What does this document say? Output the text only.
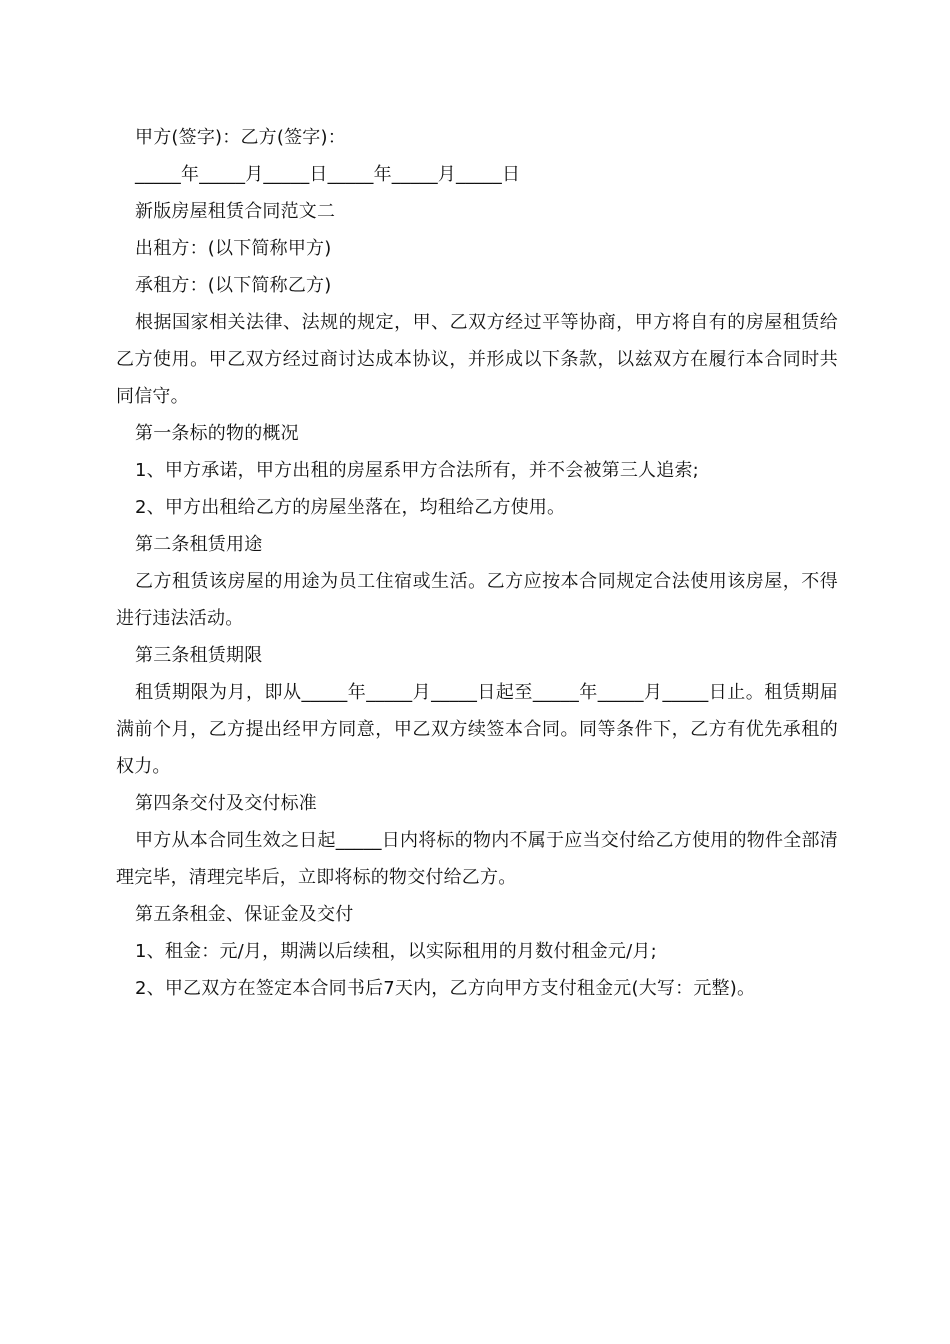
甲方(签字)：乙方(签字)：
_____年_____月_____日_____年_____月_____日
新版房屋租赁合同范文二
出租方：(以下简称甲方)
承租方：(以下简称乙方)
根据国家相关法律、法规的规定，甲、乙双方经过平等协商，甲方将自有的房屋租赁给乙方使用。甲乙双方经过商讨达成本协议，并形成以下条款，以兹双方在履行本合同时共同信守。
第一条标的物的概况
1、甲方承诺，甲方出租的房屋系甲方合法所有，并不会被第三人追索;
2、甲方出租给乙方的房屋坐落在，均租给乙方使用。
第二条租赁用途
乙方租赁该房屋的用途为员工住宿或生活。乙方应按本合同规定合法使用该房屋，不得进行违法活动。
第三条租赁期限
租赁期限为月，即从_____年_____月_____日起至_____年_____月_____日止。租赁期届满前个月，乙方提出经甲方同意，甲乙双方续签本合同。同等条件下，乙方有优先承租的权力。
第四条交付及交付标准
甲方从本合同生效之日起_____日内将标的物内不属于应当交付给乙方使用的物件全部清理完毕，清理完毕后，立即将标的物交付给乙方。
第五条租金、保证金及交付
1、租金：元/月，期满以后续租，以实际租用的月数付租金元/月;
2、甲乙双方在签定本合同书后7天内，乙方向甲方支付租金元(大写：元整)。
